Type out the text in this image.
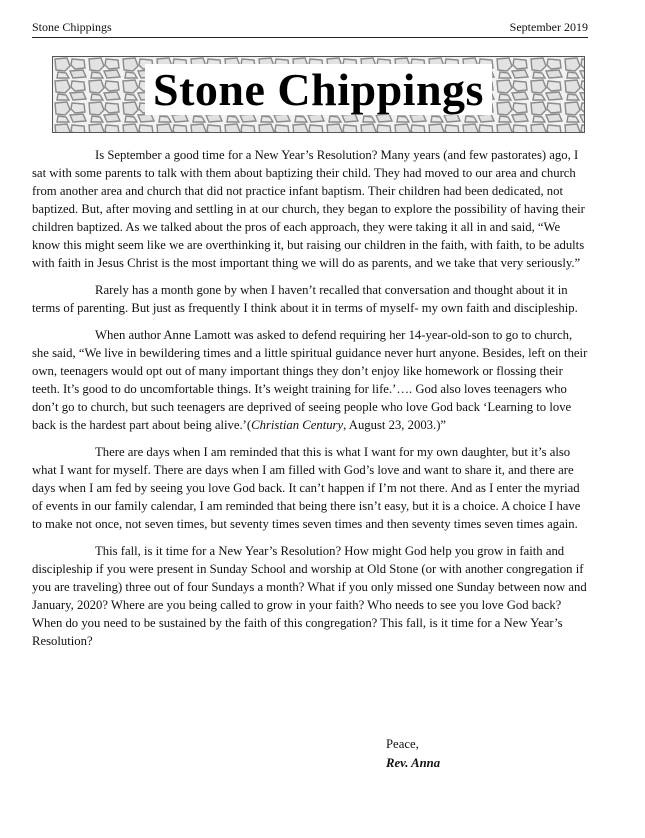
Stone Chippings	September 2019
Stone Chippings

Is September a good time for a New Year’s Resolution? Many years (and few pastorates) ago, I sat with some parents to talk with them about baptizing their child. They had moved to our area and church from another area and church that did not practice infant baptism. Their children had been dedicated, not baptized. But, after moving and settling in at our church, they began to explore the possibility of having their children baptized. As we talked about the pros of each approach, they were taking it all in and said, “We know this might seem like we are overthinking it, but raising our children in the faith, with faith, to be adults with faith in Jesus Christ is the most important thing we will do as parents, and we take that very seriously.”

Rarely has a month gone by when I haven’t recalled that conversation and thought about it in terms of parenting. But just as frequently I think about it in terms of myself- my own faith and discipleship.

When author Anne Lamott was asked to defend requiring her 14-year-old-son to go to church, she said, “We live in bewildering times and a little spiritual guidance never hurt anyone. Besides, left on their own, teenagers would opt out of many important things they don’t enjoy like homework or flossing their teeth. It’s good to do uncomfortable things. It’s weight training for life.’…. God also loves teenagers who don’t go to church, but such teenagers are deprived of seeing people who love God back ‘Learning to love back is the hardest part about being alive.’(Christian Century, August 23, 2003.)”

There are days when I am reminded that this is what I want for my own daughter, but it’s also what I want for myself. There are days when I am filled with God’s love and want to share it, and there are days when I am fed by seeing you love God back. It can’t happen if I’m not there. And as I enter the myriad of events in our family calendar, I am reminded that being there isn’t easy, but it is a choice. A choice I have to make not once, not seven times, but seventy times seven times and then seventy times seven times again.

This fall, is it time for a New Year’s Resolution? How might God help you grow in faith and discipleship if you were present in Sunday School and worship at Old Stone (or with another congregation if you are traveling) three out of four Sundays a month? What if you only missed one Sunday between now and January, 2020? Where are you being called to grow in your faith? Who needs to see you love God back? When do you need to be sustained by the faith of this congregation? This fall, is it time for a New Year’s Resolution?

Peace,
Rev. Anna
